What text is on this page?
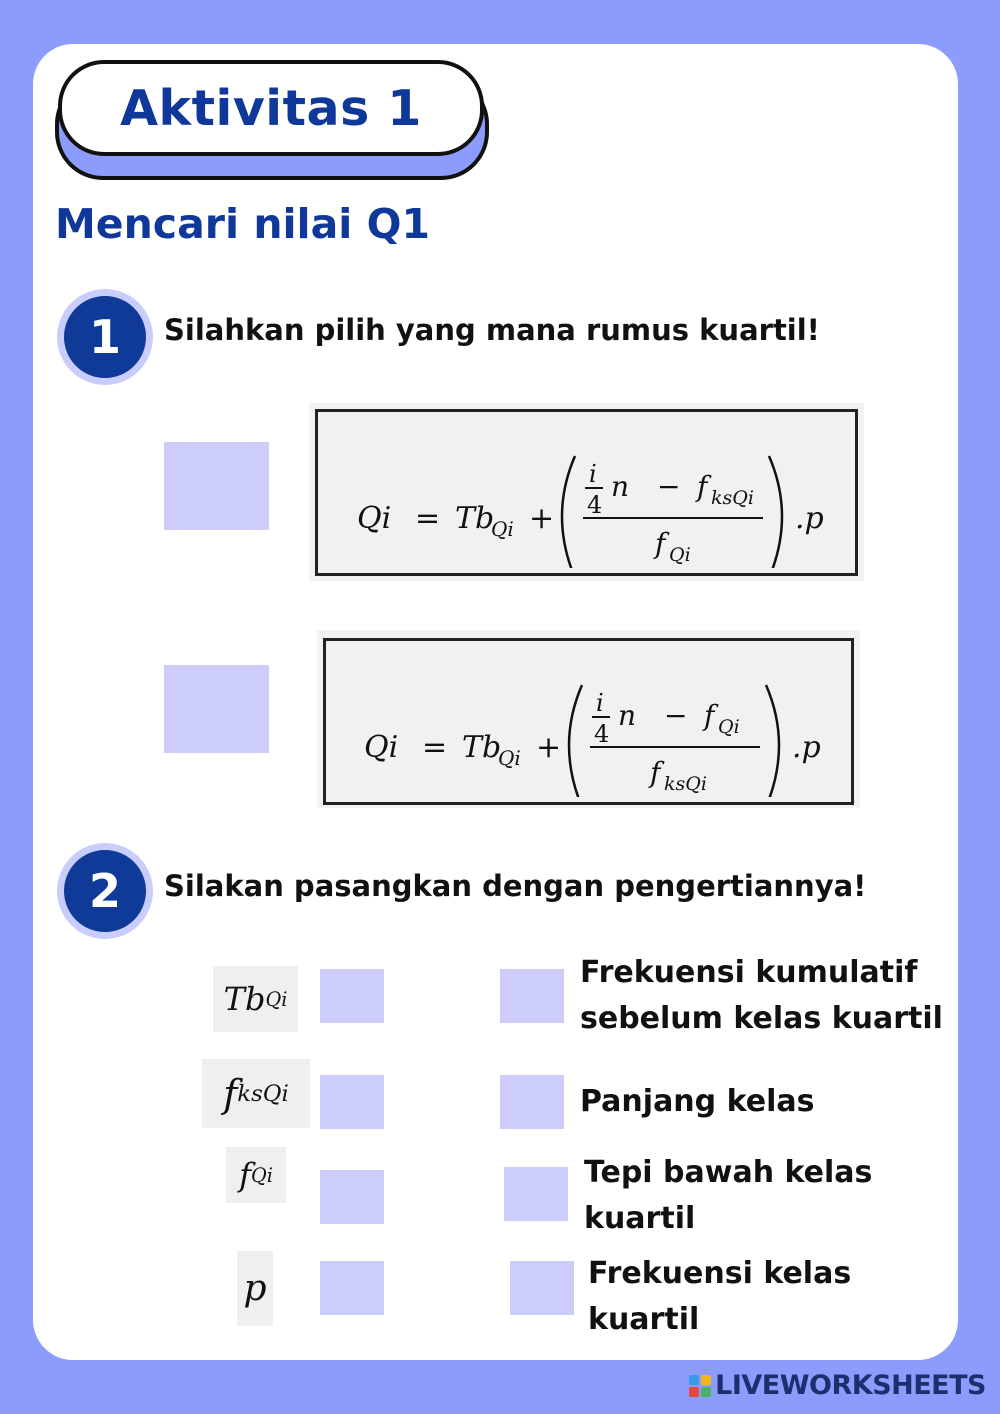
Aktivitas 1
Mencari nilai Q1
1	Silahkan pilih yang mana rumus kuartil!
Qi = Tb
Qi +
i
4
n − f ksQi
f Qi
.p
Qi = Tb
Qi +
i
4
n − f Qi
f ksQi
.p
2	Silakan pasangkan dengan pengertiannya!
Tb Qi
f ksQi
f Qi
p
Frekuensi kumulatif
sebelum kelas kuartil
Panjang kelas
Tepi bawah kelas
kuartil
Frekuensi kelas
kuartil
LIVEWORKSHEETS
